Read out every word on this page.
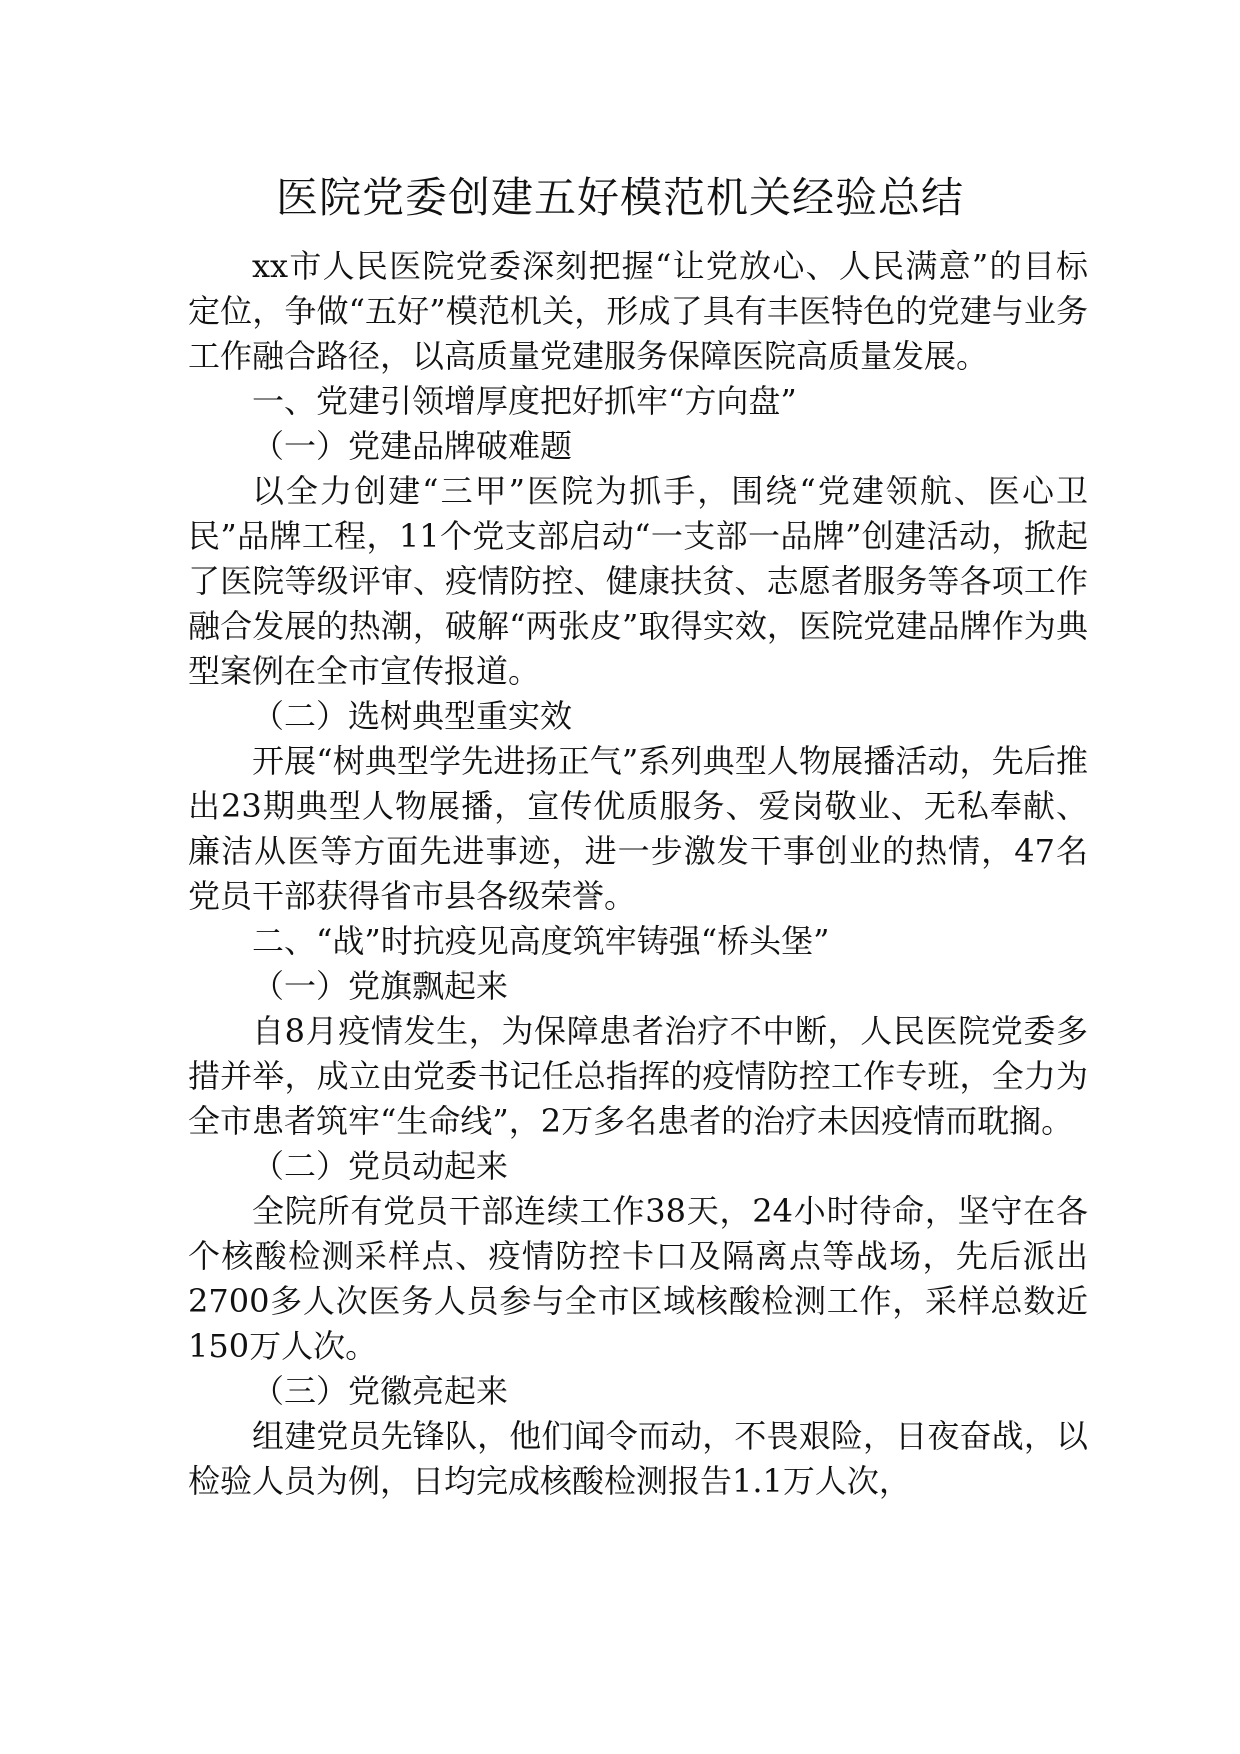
医院党委创建五好模范机关经验总结

xx市人民医院党委深刻把握“让党放心、人民满意”的目标定位，争做“五好”模范机关，形成了具有丰医特色的党建与业务工作融合路径，以高质量党建服务保障医院高质量发展。

一、党建引领增厚度把好抓牢“方向盘”

（一）党建品牌破难题

以全力创建“三甲”医院为抓手，围绕“党建领航、医心卫民”品牌工程，11个党支部启动“一支部一品牌”创建活动，掀起了医院等级评审、疫情防控、健康扶贫、志愿者服务等各项工作融合发展的热潮，破解“两张皮”取得实效，医院党建品牌作为典型案例在全市宣传报道。

（二）选树典型重实效

开展“树典型学先进扬正气”系列典型人物展播活动，先后推出23期典型人物展播，宣传优质服务、爱岗敬业、无私奉献、廉洁从医等方面先进事迹，进一步激发干事创业的热情，47名党员干部获得省市县各级荣誉。

二、“战”时抗疫见高度筑牢铸强“桥头堡”

（一）党旗飘起来

自8月疫情发生，为保障患者治疗不中断，人民医院党委多措并举，成立由党委书记任总指挥的疫情防控工作专班，全力为全市患者筑牢“生命线”，2万多名患者的治疗未因疫情而耽搁。

（二）党员动起来

全院所有党员干部连续工作38天，24小时待命，坚守在各个核酸检测采样点、疫情防控卡口及隔离点等战场，先后派出2700多人次医务人员参与全市区域核酸检测工作，采样总数近150万人次。

（三）党徽亮起来

组建党员先锋队，他们闻令而动，不畏艰险，日夜奋战，以检验人员为例，日均完成核酸检测报告1.1万人次，
